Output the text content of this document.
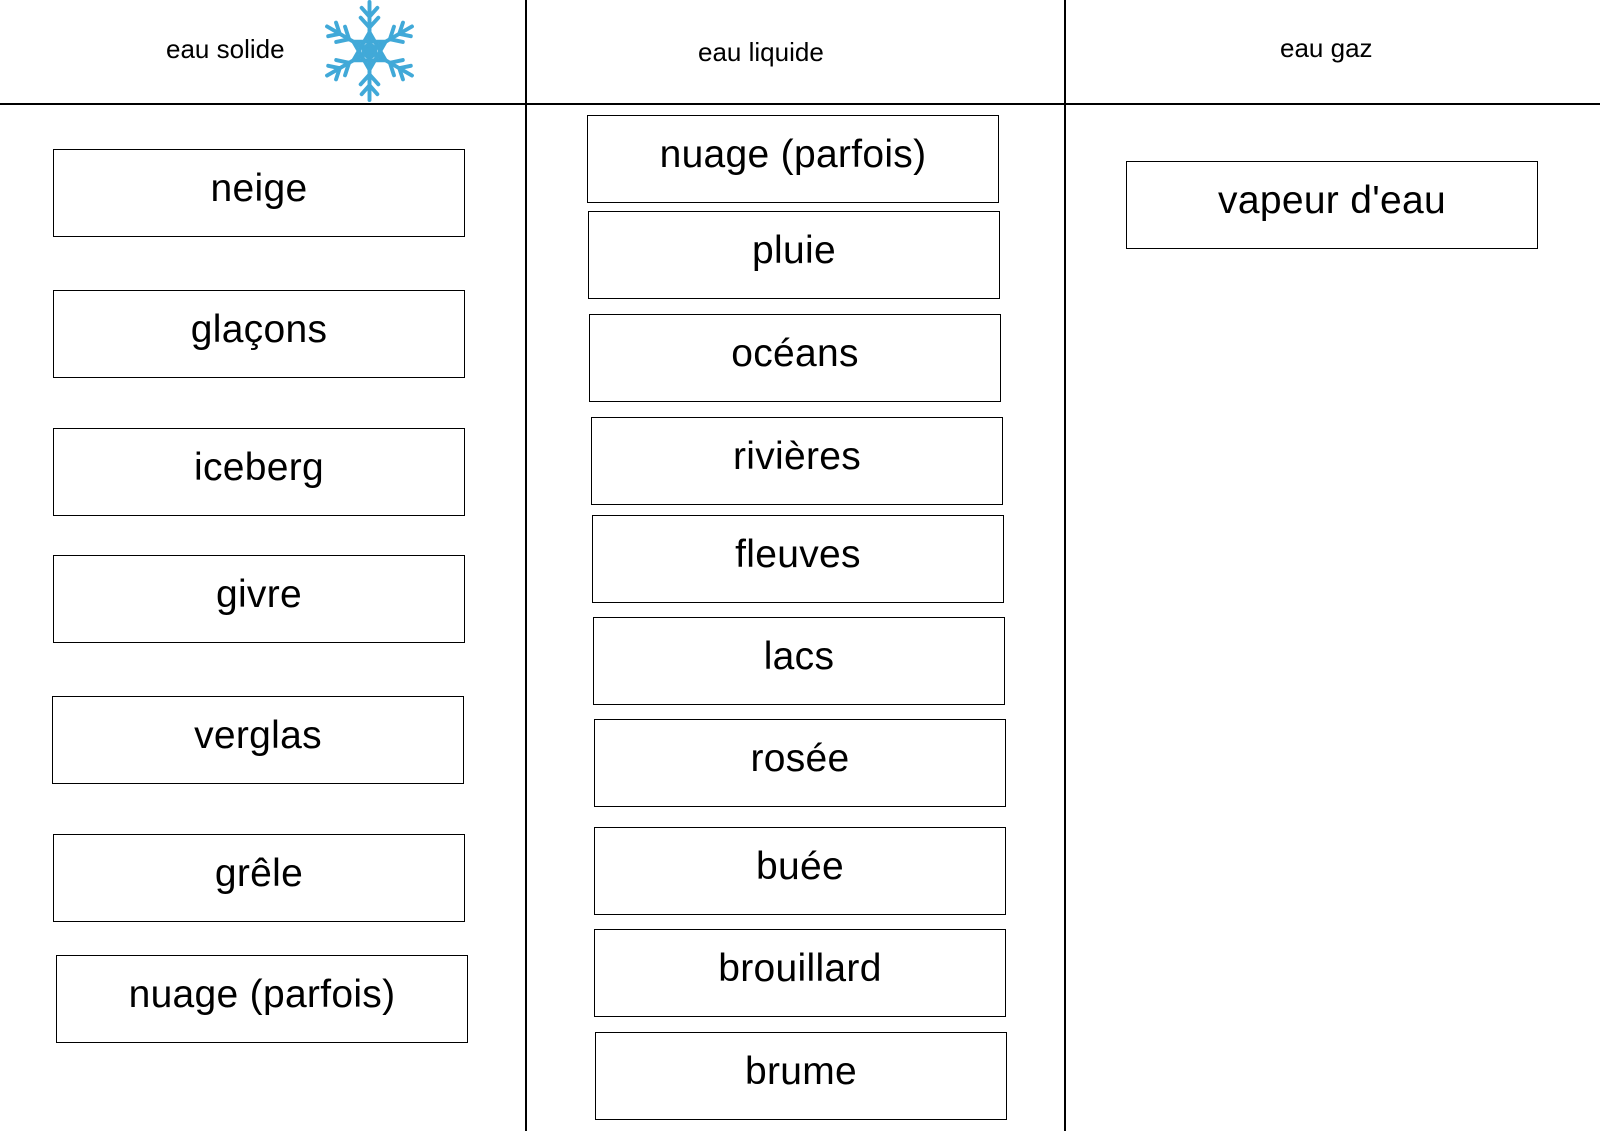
eau solide	eau liquide	eau gaz
neige
glaçons
iceberg
givre
verglas
grêle
nuage (parfois)
nuage (parfois)
pluie
océans
rivières
fleuves
lacs
rosée
buée
brouillard
brume
vapeur d'eau
